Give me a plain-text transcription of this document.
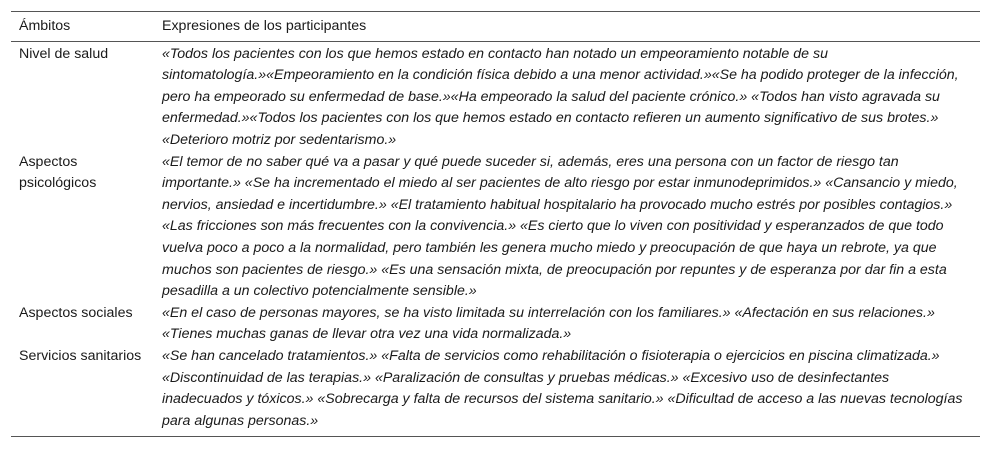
Ámbitos	Expresiones de los participantes
Nivel de salud	«Todos los pacientes con los que hemos estado en contacto han notado un empeoramiento notable de su sintomatología.»«Empeoramiento en la condición física debido a una menor actividad.»«Se ha podido proteger de la infección, pero ha empeorado su enfermedad de base.»«Ha empeorado la salud del paciente crónico.» «Todos han visto agravada su enfermedad.»«Todos los pacientes con los que hemos estado en contacto refieren un aumento significativo de sus brotes.» «Deterioro motriz por sedentarismo.»
Aspectos psicológicos	«El temor de no saber qué va a pasar y qué puede suceder si, además, eres una persona con un factor de riesgo tan importante.» «Se ha incrementado el miedo al ser pacientes de alto riesgo por estar inmunodeprimidos.» «Cansancio y miedo, nervios, ansiedad e incertidumbre.» «El tratamiento habitual hospitalario ha provocado mucho estrés por posibles contagios.» «Las fricciones son más frecuentes con la convivencia.» «Es cierto que lo viven con positividad y esperanzados de que todo vuelva poco a poco a la normalidad, pero también les genera mucho miedo y preocupación de que haya un rebrote, ya que muchos son pacientes de riesgo.» «Es una sensación mixta, de preocupación por repuntes y de esperanza por dar fin a esta pesadilla a un colectivo potencialmente sensible.»
Aspectos sociales	«En el caso de personas mayores, se ha visto limitada su interrelación con los familiares.» «Afectación en sus relaciones.» «Tienes muchas ganas de llevar otra vez una vida normalizada.»
Servicios sanitarios	«Se han cancelado tratamientos.» «Falta de servicios como rehabilitación o fisioterapia o ejercicios en piscina climatizada.» «Discontinuidad de las terapias.» «Paralización de consultas y pruebas médicas.» «Excesivo uso de desinfectantes inadecuados y tóxicos.» «Sobrecarga y falta de recursos del sistema sanitario.» «Dificultad de acceso a las nuevas tecnologías para algunas personas.»
